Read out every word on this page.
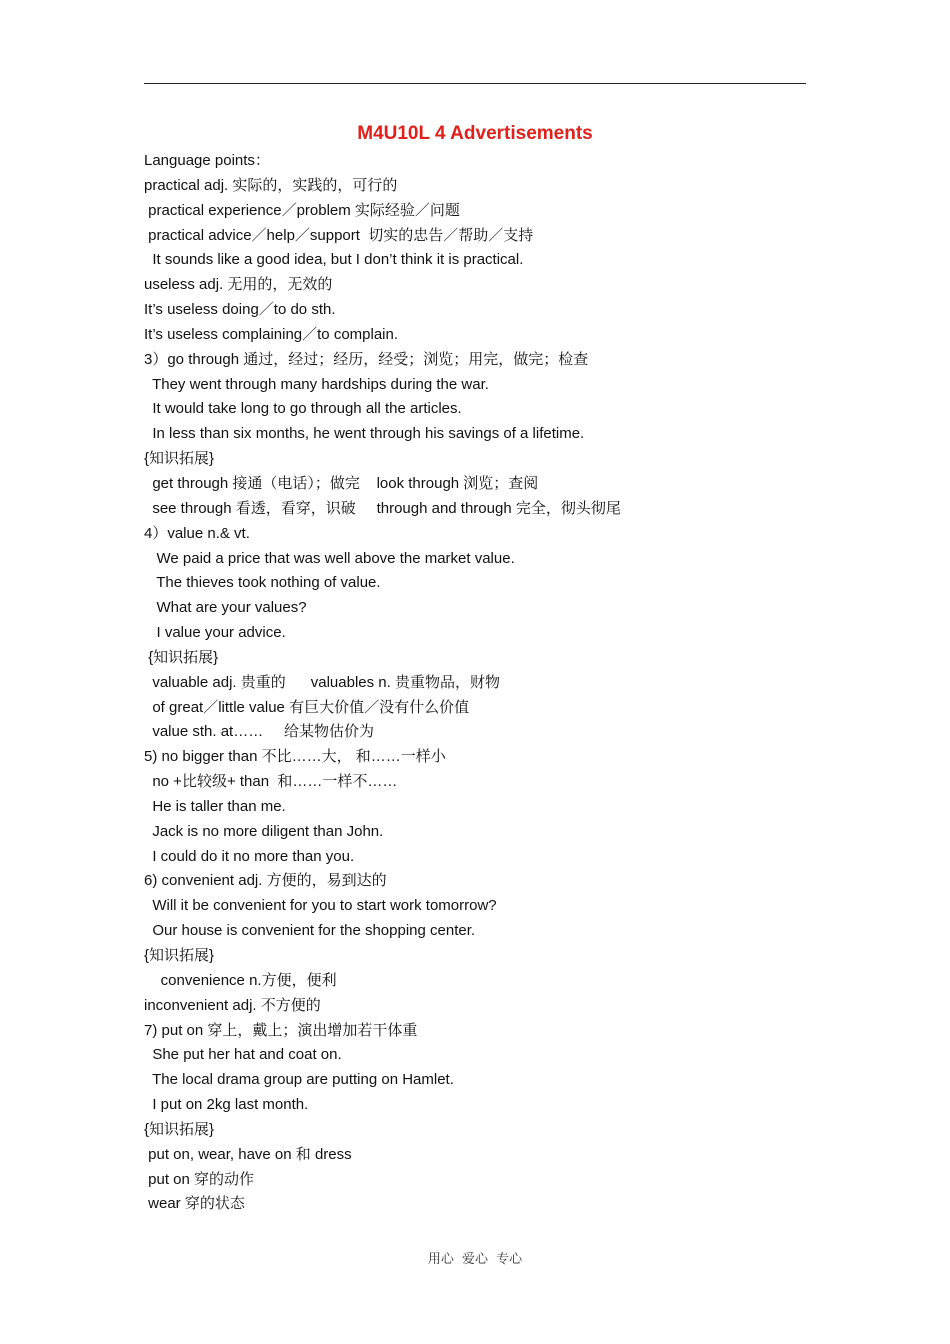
M4U10L 4 Advertisements
Language points：
practical adj. 实际的，实践的，可行的
practical experience／problem 实际经验／问题
practical advice／help／support  切实的忠告／帮助／支持
It sounds like a good idea, but I don’t think it is practical.
useless adj. 无用的，无效的
It’s useless doing／to do sth.
It’s useless complaining／to complain.
3）go through 通过，经过；经历，经受；浏览；用完，做完；检查
They went through many hardships during the war.
It would take long to go through all the articles.
In less than six months, he went through his savings of a lifetime.
{知识拓展}
get through 接通（电话）；做完    look through 浏览；查阅
see through 看透，看穿，识破     through and through 完全，彻头彻尾
4）value n.& vt.
We paid a price that was well above the market value.
The thieves took nothing of value.
What are your values?
I value your advice.
{知识拓展}
valuable adj. 贵重的      valuables n. 贵重物品，财物
of great／little value 有巨大价值／没有什么价值
value sth. at……     给某物估价为
5) no bigger than 不比……大， 和……一样小
no +比较级+ than  和……一样不……
He is taller than me.
Jack is no more diligent than John.
I could do it no more than you.
6) convenient adj. 方便的，易到达的
Will it be convenient for you to start work tomorrow?
Our house is convenient for the shopping center.
{知识拓展}
convenience n.方便，便利
inconvenient adj. 不方便的
7) put on 穿上，戴上；演出增加若干体重
She put her hat and coat on.
The local drama group are putting on Hamlet.
I put on 2kg last month.
{知识拓展}
put on, wear, have on 和 dress
put on 穿的动作
wear 穿的状态
用心 爱心 专心
